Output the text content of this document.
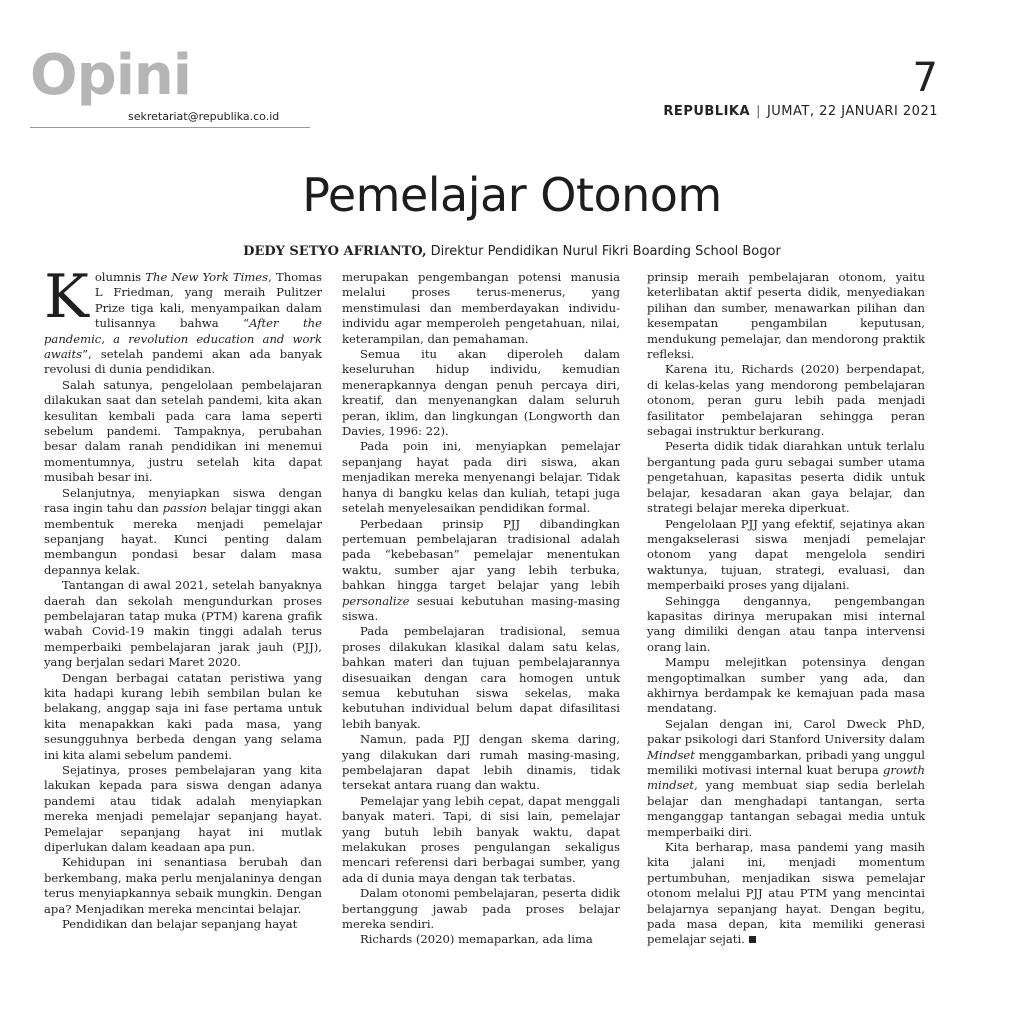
Opini
sekretariat@republika.co.id
7
REPUBLIKA | JUMAT, 22 JANUARI 2021
Pemelajar Otonom
DEDY SETYO AFRIANTO, Direktur Pendidikan Nurul Fikri Boarding School Bogor

Kolumnis The New York Times, Thomas L Friedman, yang meraih Pulitzer Prize tiga kali, menyampaikan dalam tulisannya bahwa “After the pandemic, a revolution education and work awaits”, setelah pandemi akan ada banyak revolusi di dunia pendidikan.

Salah satunya, pengelolaan pembelajaran dilakukan saat dan setelah pandemi, kita akan kesulitan kembali pada cara lama seperti sebelum pandemi. Tampaknya, perubahan besar dalam ranah pendidikan ini menemui momentumnya, justru setelah kita dapat musibah besar ini.

Selanjutnya, menyiapkan siswa dengan rasa ingin tahu dan passion belajar tinggi akan membentuk mereka menjadi pemelajar sepanjang hayat. Kunci penting dalam membangun pondasi besar dalam masa depannya kelak.

Tantangan di awal 2021, setelah banyaknya daerah dan sekolah mengundurkan proses pembelajaran tatap muka (PTM) karena grafik wabah Covid-19 makin tinggi adalah terus memperbaiki pembelajaran jarak jauh (PJJ), yang berjalan sedari Maret 2020.

Dengan berbagai catatan peristiwa yang kita hadapi kurang lebih sembilan bulan ke belakang, anggap saja ini fase pertama untuk kita menapakkan kaki pada masa, yang sesungguhnya berbeda dengan yang selama ini kita alami sebelum pandemi.

Sejatinya, proses pembelajaran yang kita lakukan kepada para siswa dengan adanya pandemi atau tidak adalah menyiapkan mereka menjadi pemelajar sepanjang hayat. Pemelajar sepanjang hayat ini mutlak diperlukan dalam keadaan apa pun.

Kehidupan ini senantiasa berubah dan berkembang, maka perlu menjalaninya dengan terus menyiapkannya sebaik mungkin. Dengan apa? Menjadikan mereka mencintai belajar.

Pendidikan dan belajar sepanjang hayat

merupakan pengembangan potensi manusia melalui proses terus-menerus, yang menstimulasi dan memberdayakan individu-individu agar memperoleh pengetahuan, nilai, keterampilan, dan pemahaman.

Semua itu akan diperoleh dalam keseluruhan hidup individu, kemudian menerapkannya dengan penuh percaya diri, kreatif, dan menyenangkan dalam seluruh peran, iklim, dan lingkungan (Longworth dan Davies, 1996: 22).

Pada poin ini, menyiapkan pemelajar sepanjang hayat pada diri siswa, akan menjadikan mereka menyenangi belajar. Tidak hanya di bangku kelas dan kuliah, tetapi juga setelah menyelesaikan pendidikan formal.

Perbedaan prinsip PJJ dibandingkan pertemuan pembelajaran tradisional adalah pada “kebebasan” pemelajar menentukan waktu, sumber ajar yang lebih terbuka, bahkan hingga target belajar yang lebih personalize sesuai kebutuhan masing-masing siswa.

Pada pembelajaran tradisional, semua proses dilakukan klasikal dalam satu kelas, bahkan materi dan tujuan pembelajarannya disesuaikan dengan cara homogen untuk semua kebutuhan siswa sekelas, maka kebutuhan individual belum dapat difasilitasi lebih banyak.

Namun, pada PJJ dengan skema daring, yang dilakukan dari rumah masing-masing, pembelajaran dapat lebih dinamis, tidak tersekat antara ruang dan waktu.

Pemelajar yang lebih cepat, dapat menggali banyak materi. Tapi, di sisi lain, pemelajar yang butuh lebih banyak waktu, dapat melakukan proses pengulangan sekaligus mencari referensi dari berbagai sumber, yang ada di dunia maya dengan tak terbatas.

Dalam otonomi pembelajaran, peserta didik bertanggung jawab pada proses belajar mereka sendiri.

Richards (2020) memaparkan, ada lima

prinsip meraih pembelajaran otonom, yaitu keterlibatan aktif peserta didik, menyediakan pilihan dan sumber, menawarkan pilihan dan kesempatan pengambilan keputusan, mendukung pemelajar, dan mendorong praktik refleksi.

Karena itu, Richards (2020) berpendapat, di kelas-kelas yang mendorong pembelajaran otonom, peran guru lebih pada menjadi fasilitator pembelajaran sehingga peran sebagai instruktur berkurang.

Peserta didik tidak diarahkan untuk terlalu bergantung pada guru sebagai sumber utama pengetahuan, kapasitas peserta didik untuk belajar, kesadaran akan gaya belajar, dan strategi belajar mereka diperkuat.

Pengelolaan PJJ yang efektif, sejatinya akan mengakselerasi siswa menjadi pemelajar otonom yang dapat mengelola sendiri waktunya, tujuan, strategi, evaluasi, dan memperbaiki proses yang dijalani.

Sehingga dengannya, pengembangan kapasitas dirinya merupakan misi internal yang dimiliki dengan atau tanpa intervensi orang lain.

Mampu melejitkan potensinya dengan mengoptimalkan sumber yang ada, dan akhirnya berdampak ke kemajuan pada masa mendatang.

Sejalan dengan ini, Carol Dweck PhD, pakar psikologi dari Stanford University dalam Mindset menggambarkan, pribadi yang unggul memiliki motivasi internal kuat berupa growth mindset, yang membuat siap sedia berlelah belajar dan menghadapi tantangan, serta menganggap tantangan sebagai media untuk memperbaiki diri.

Kita berharap, masa pandemi yang masih kita jalani ini, menjadi momentum pertumbuhan, menjadikan siswa pemelajar otonom melalui PJJ atau PTM yang mencintai belajarnya sepanjang hayat. Dengan begitu, pada masa depan, kita memiliki generasi pemelajar sejati.
